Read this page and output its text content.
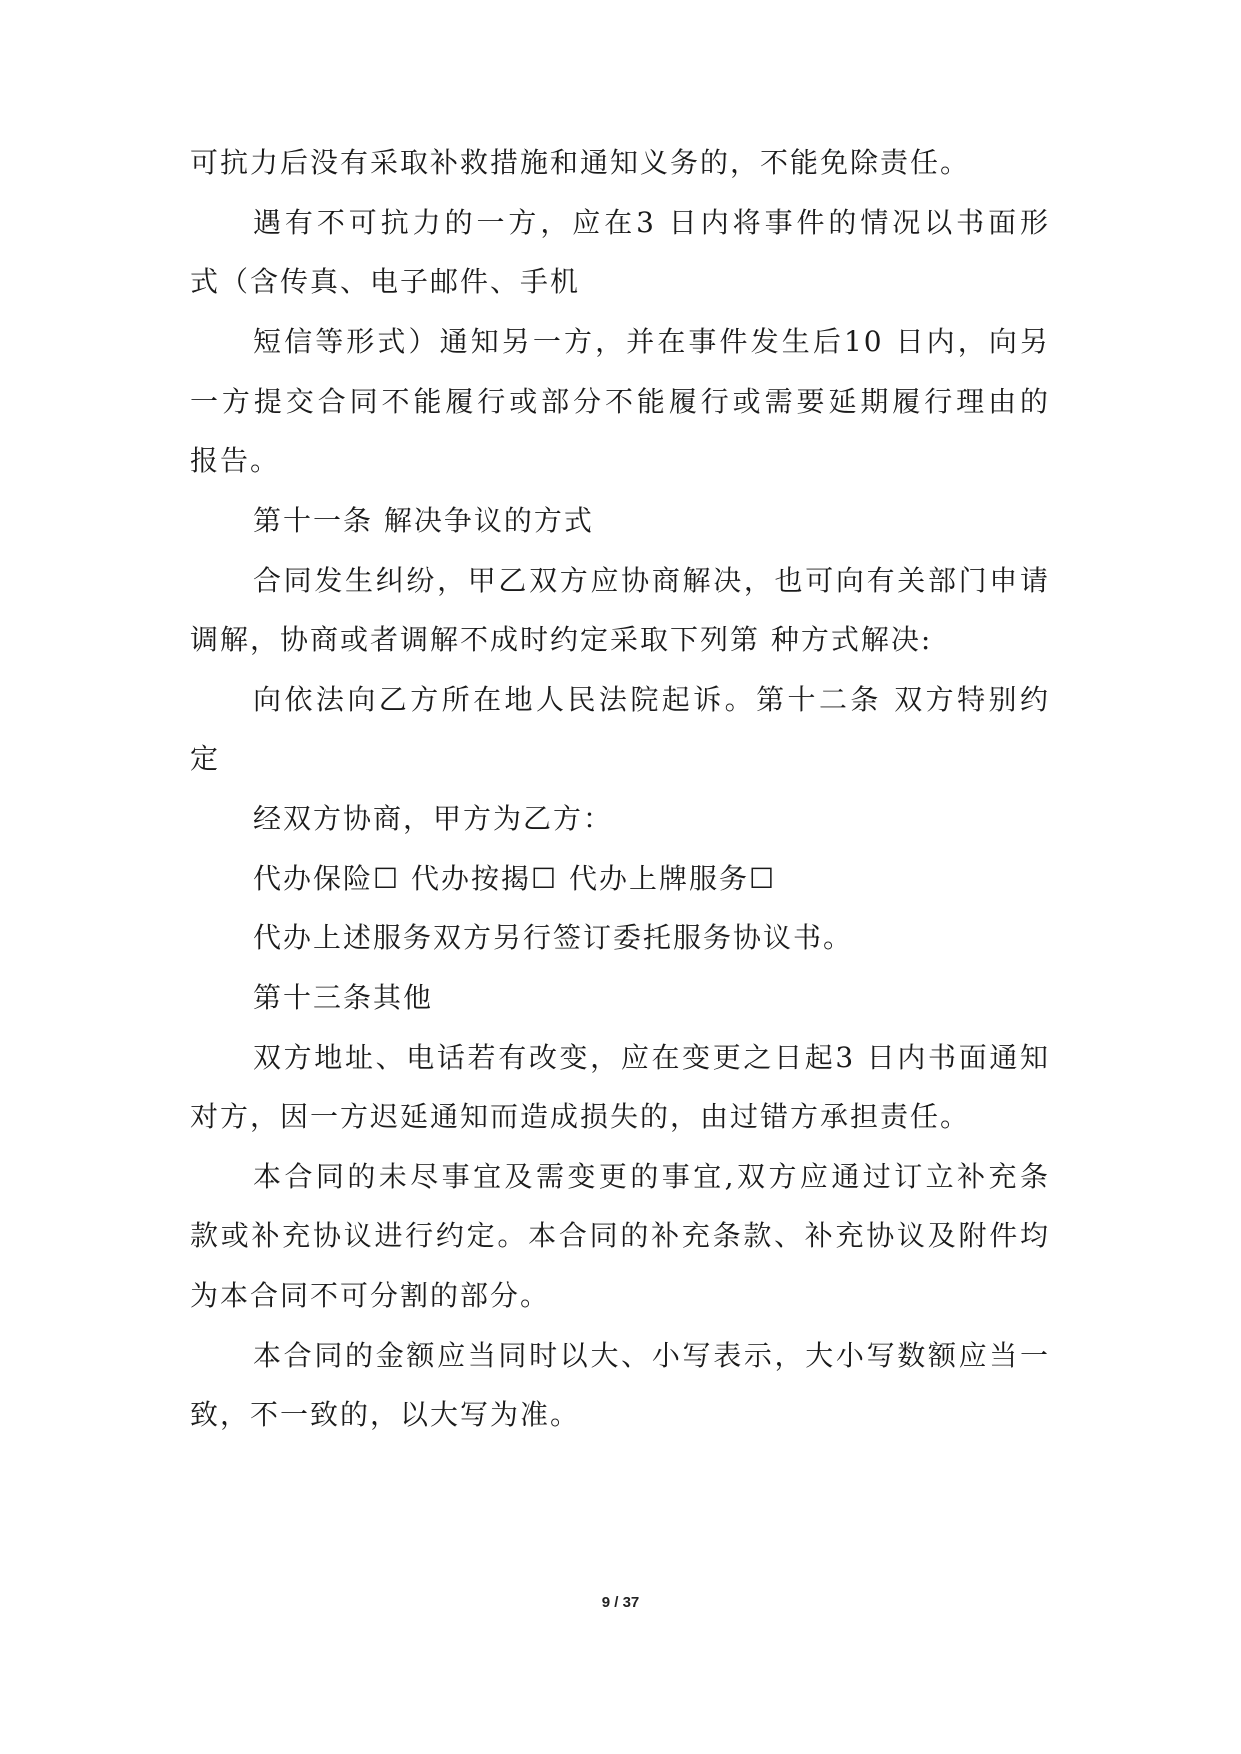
可抗力后没有采取补救措施和通知义务的，不能免除责任。
遇有不可抗力的一方，应在3 日内将事件的情况以书面形
式（含传真、电子邮件、手机
短信等形式）通知另一方，并在事件发生后10 日内，向另
一方提交合同不能履行或部分不能履行或需要延期履行理由的
报告。
第十一条 解决争议的方式
合同发生纠纷，甲乙双方应协商解决，也可向有关部门申请
调解，协商或者调解不成时约定采取下列第 种方式解决:
向依法向乙方所在地人民法院起诉。第十二条 双方特别约
定
经双方协商，甲方为乙方：
代办保险☐ 代办按揭☐ 代办上牌服务☐
代办上述服务双方另行签订委托服务协议书。
第十三条其他
双方地址、电话若有改变，应在变更之日起3 日内书面通知
对方，因一方迟延通知而造成损失的，由过错方承担责任。
本合同的未尽事宜及需变更的事宜,双方应通过订立补充条
款或补充协议进行约定。本合同的补充条款、补充协议及附件均
为本合同不可分割的部分。
本合同的金额应当同时以大、小写表示，大小写数额应当一
致，不一致的，以大写为准。
9 / 37
